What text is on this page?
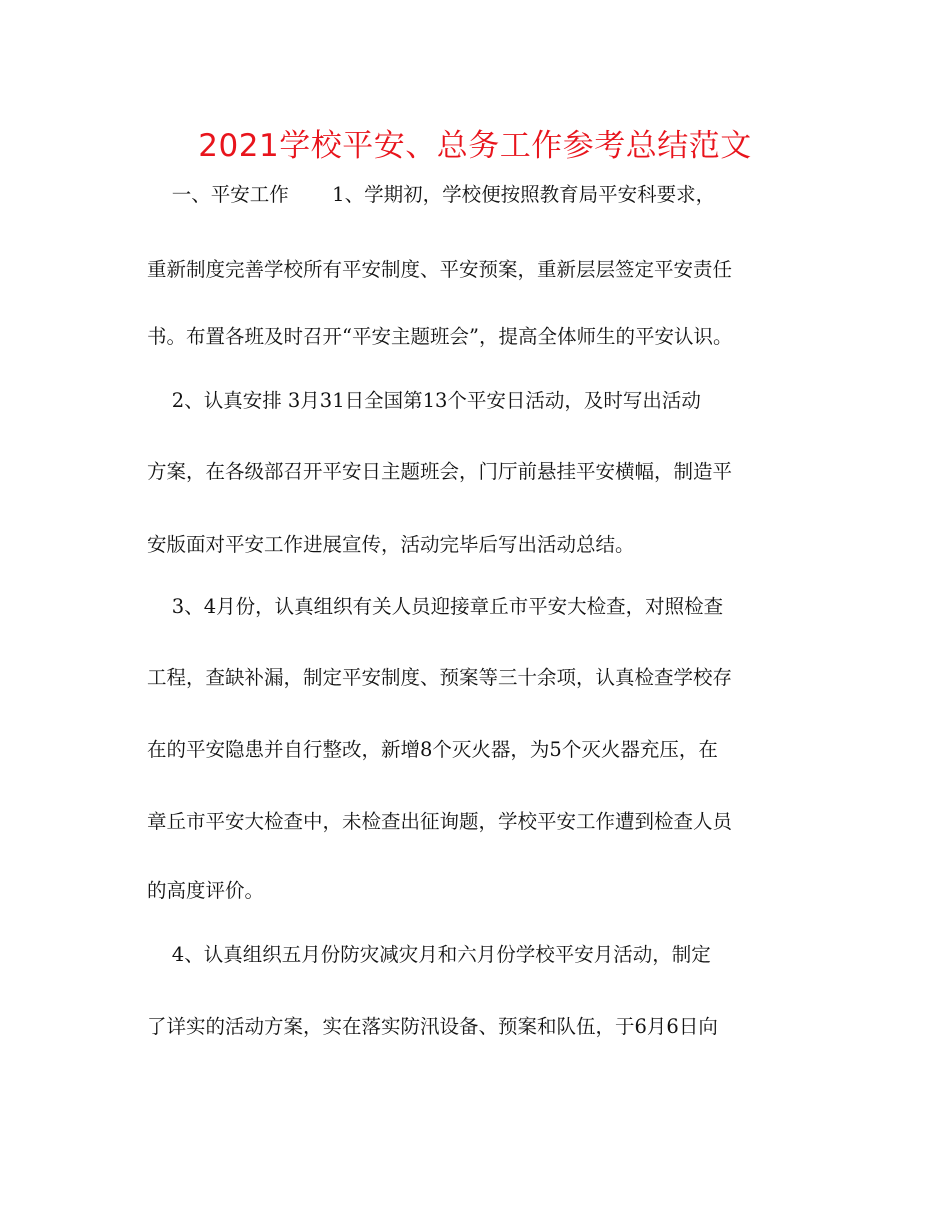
2021学校平安、总务工作参考总结范文
一、平安工作       1、学期初，学校便按照教育局平安科要求，
重新制度完善学校所有平安制度、平安预案，重新层层签定平安责任
书。布置各班及时召开“平安主题班会”，提高全体师生的平安认识。
2、认真安排 3月31日全国第13个平安日活动，及时写出活动
方案，在各级部召开平安日主题班会，门厅前悬挂平安横幅，制造平
安版面对平安工作进展宣传，活动完毕后写出活动总结。
3、4月份，认真组织有关人员迎接章丘市平安大检查，对照检查
工程，查缺补漏，制定平安制度、预案等三十余项，认真检查学校存
在的平安隐患并自行整改，新增8个灭火器，为5个灭火器充压，在
章丘市平安大检查中，未检查出征询题，学校平安工作遭到检查人员
的高度评价。
4、认真组织五月份防灾减灾月和六月份学校平安月活动，制定
了详实的活动方案，实在落实防汛设备、预案和队伍，于6月6日向
